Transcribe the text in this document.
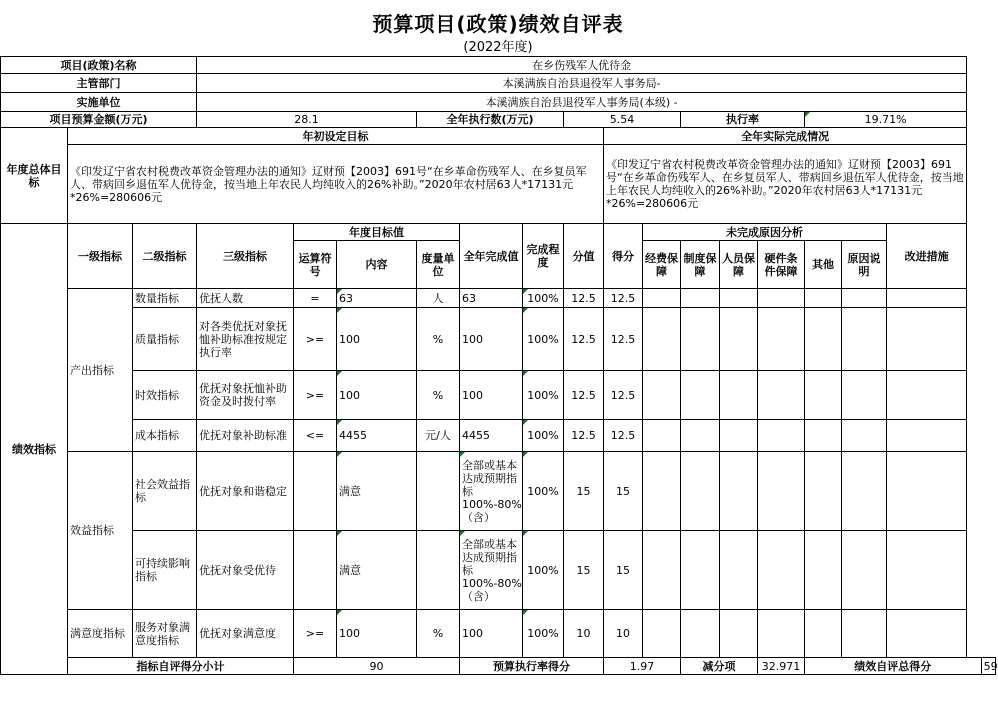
预算项目(政策)绩效自评表
(2022年度)
项目(政策)名称			在乡伤残军人优待金															
主管部门			本溪满族自治县退役军人事务局-															
实施单位			本溪满族自治县退役军人事务局(本级) -															
项目预算金额(万元)			28.1			全年执行数(万元)			5.54			执行率			19.71%			
年度总体目标	年初设定目标									全年实际完成情况								
	《印发辽宁省农村税费改革资金管理办法的通知》辽财预【2003】691号“在乡革命伤残军人、在乡复员军人、带病回乡退伍军人优待金，按当地上年农民人均纯收入的26%补助。”2020年农村居63人*17131元*26%=280606元									《印发辽宁省农村税费改革资金管理办法的通知》辽财预【2003】691号“在乡革命伤残军人、在乡复员军人、带病回乡退伍军人优待金，按当地上年农民人均纯收入的26%补助。”2020年农村居63人*17131元*26%=280606元								
绩效指标	一级指标	二级指标	三级指标	年度目标值			全年完成值	完成程度	分值	得分	未完成原因分析						改进措施	
				运算符号	内容	度量单位					经费保障	制度保障	人员保障	硬件条件保障	其他	原因说明		
	产出指标	数量指标	优抚人数	=	63	人	63	100%	12.5	12.5								
		质量指标	对各类优抚对象抚恤补助标准按规定执行率	>=	100	%	100	100%	12.5	12.5								
		时效指标	优抚对象抚恤补助资金及时拨付率	>=	100	%	100	100%	12.5	12.5								
		成本指标	优抚对象补助标准	<=	4455	元/人	4455	100%	12.5	12.5								
	效益指标	社会效益指标	优抚对象和谐稳定		满意		全部或基本达成预期指标100%-80%（含）	100%	15	15								
		可持续影响指标	优抚对象受优待		满意		全部或基本达成预期指标100%-80%（含）	100%	15	15								
	满意度指标	服务对象满意度指标	优抚对象满意度	>=	100	%	100	100%	10	10								
	指标自评得分小计			90			预算执行率得分			1.97		减分项		32.971	绩效自评总得分			59
